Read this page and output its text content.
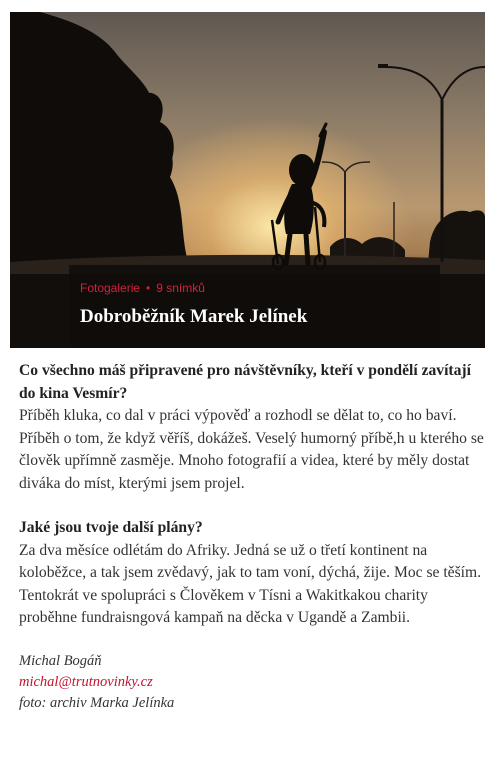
Fotogalerie • 9 snímků
Dobroběžník Marek Jelínek

Co všechno máš připravené pro návštěvníky, kteří v pondělí zavítají do kina Vesmír?

Příběh kluka, co dal v práci výpověď a rozhodl se dělat to, co ho baví. Příběh o tom, že když věříš, dokážeš. Veselý humorný příbě,h u kterého se člověk upřímně zasměje. Mnoho fotografií a videa, které by měly dostat diváka do míst, kterými jsem projel.

Jaké jsou tvoje další plány?

Za dva měsíce odlétám do Afriky. Jedná se už o třetí kontinent na koloběžce, a tak jsem zvědavý, jak to tam voní, dýchá, žije. Moc se těším. Tentokrát ve spolupráci s Člověkem v Tísni a Wakitkakou charity proběhne fundraisngová kampaň na děcka v Ugandě a Zambii.

Michal Bogáň
michal@trutnovinky.cz
foto: archiv Marka Jelínka
